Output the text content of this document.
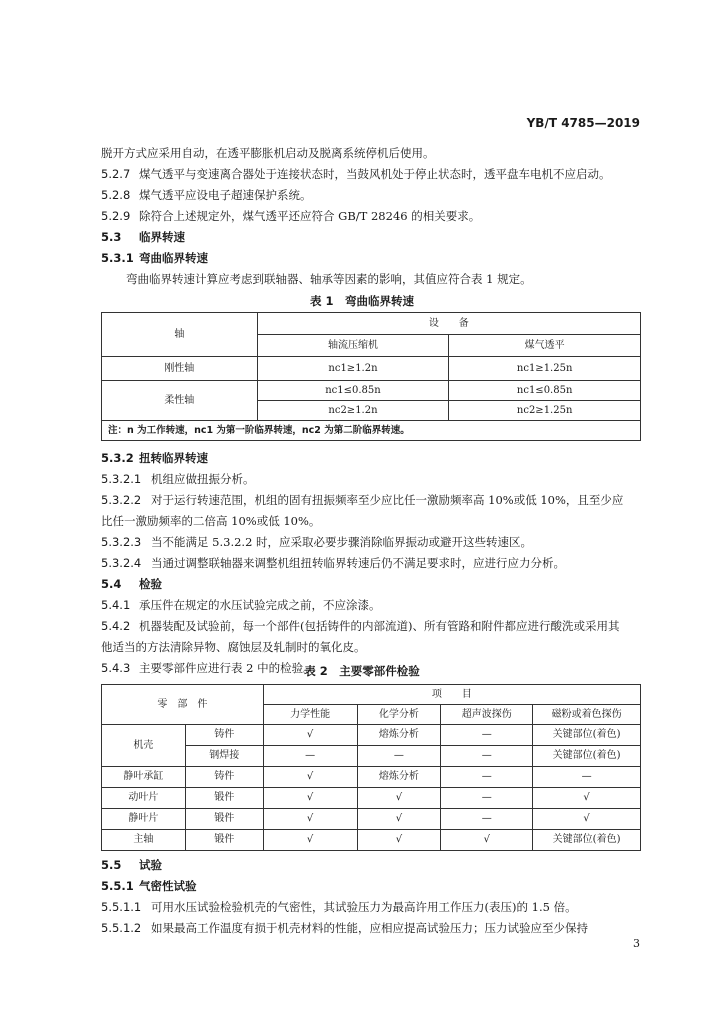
YB/T 4785—2019
脱开方式应采用自动，在透平膨胀机启动及脱离系统停机后使用。
5.2.7 煤气透平与变速离合器处于连接状态时，当鼓风机处于停止状态时，透平盘车电机不应启动。
5.2.8 煤气透平应设电子超速保护系统。
5.2.9 除符合上述规定外，煤气透平还应符合 GB/T 28246 的相关要求。
5.3 临界转速
5.3.1 弯曲临界转速
弯曲临界转速计算应考虑到联轴器、轴承等因素的影响，其值应符合表 1 规定。
表 1　弯曲临界转速
轴	设　　备	
	轴流压缩机	煤气透平
刚性轴	nc1≥1.2n	nc1≥1.25n
柔性轴	nc1≤0.85n	nc1≤0.85n
	nc2≥1.2n	nc2≥1.25n
注：n 为工作转速，nc1 为第一阶临界转速，nc2 为第二阶临界转速。		
5.3.2 扭转临界转速
5.3.2.1 机组应做扭振分析。
5.3.2.2 对于运行转速范围，机组的固有扭振频率至少应比任一激励频率高 10%或低 10%，且至少应
比任一激励频率的二倍高 10%或低 10%。
5.3.2.3 当不能满足 5.3.2.2 时，应采取必要步骤消除临界振动或避开这些转速区。
5.3.2.4 当通过调整联轴器来调整机组扭转临界转速后仍不满足要求时，应进行应力分析。
5.4 检验
5.4.1 承压件在规定的水压试验完成之前，不应涂漆。
5.4.2 机器装配及试验前，每一个部件(包括铸件的内部流道)、所有管路和附件都应进行酸洗或采用其
他适当的方法清除异物、腐蚀层及轧制时的氧化皮。
5.4.3 主要零部件应进行表 2 中的检验。
零　部　件		项　　目			
		力学性能	化学分析	超声波探伤	磁粉或着色探伤
机壳	铸件	√	熔炼分析	—	关键部位(着色)
	钢焊接	—	—	—	关键部位(着色)
静叶承缸	铸件	√	熔炼分析	—	—
动叶片	锻件	√	√	—	√
静叶片	锻件	√	√	—	√
主轴	锻件	√	√	√	关键部位(着色)
5.5 试验
5.5.1 气密性试验
5.5.1.1 可用水压试验检验机壳的气密性，其试验压力为最高许用工作压力(表压)的 1.5 倍。
5.5.1.2 如果最高工作温度有损于机壳材料的性能，应相应提高试验压力；压力试验应至少保持
3
表 2　主要零部件检验
